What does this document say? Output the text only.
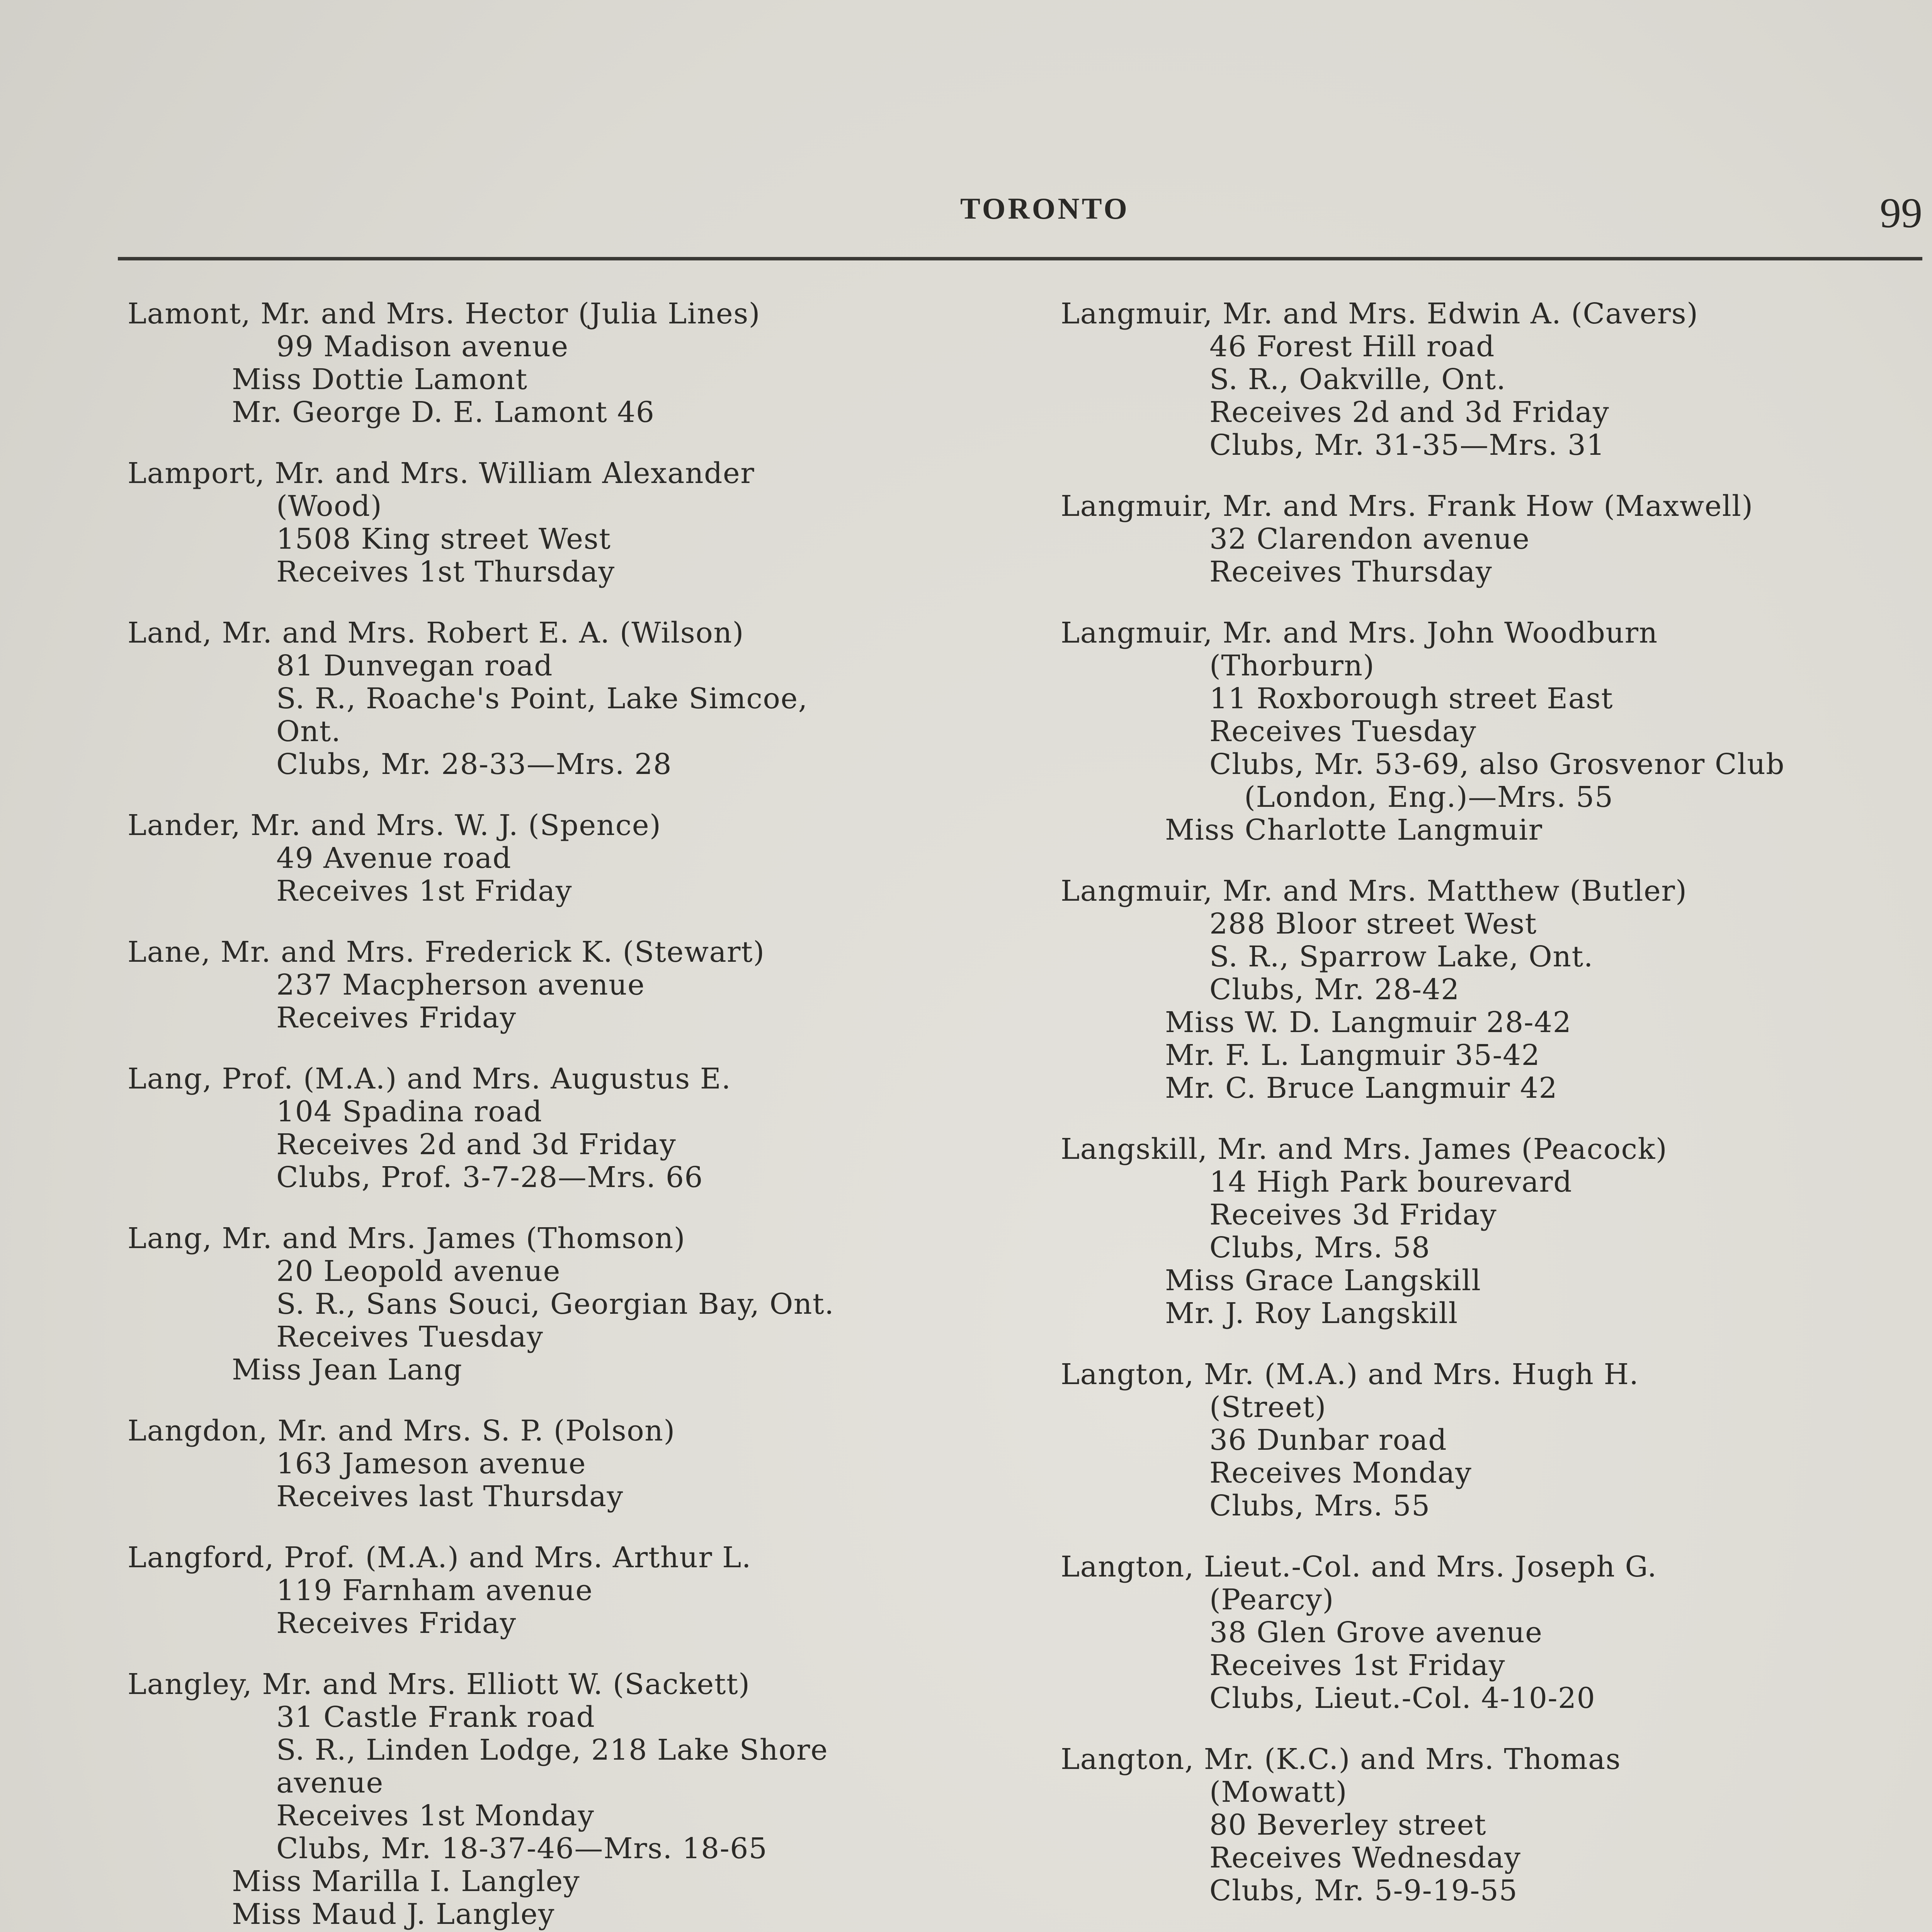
TORONTO	99
Lamont, Mr. and Mrs. Hector (Julia Lines)
99 Madison avenue
Miss Dottie Lamont
Mr. George D. E. Lamont 46
Lamport, Mr. and Mrs. William Alexander
(Wood)
1508 King street West
Receives 1st Thursday
Land, Mr. and Mrs. Robert E. A. (Wilson)
81 Dunvegan road
S. R., Roache's Point, Lake Simcoe,
Ont.
Clubs, Mr. 28-33—Mrs. 28
Lander, Mr. and Mrs. W. J. (Spence)
49 Avenue road
Receives 1st Friday
Lane, Mr. and Mrs. Frederick K. (Stewart)
237 Macpherson avenue
Receives Friday
Lang, Prof. (M.A.) and Mrs. Augustus E.
104 Spadina road
Receives 2d and 3d Friday
Clubs, Prof. 3-7-28—Mrs. 66
Lang, Mr. and Mrs. James (Thomson)
20 Leopold avenue
S. R., Sans Souci, Georgian Bay, Ont.
Receives Tuesday
Miss Jean Lang
Langdon, Mr. and Mrs. S. P. (Polson)
163 Jameson avenue
Receives last Thursday
Langford, Prof. (M.A.) and Mrs. Arthur L.
119 Farnham avenue
Receives Friday
Langley, Mr. and Mrs. Elliott W. (Sackett)
31 Castle Frank road
S. R., Linden Lodge, 218 Lake Shore
avenue
Receives 1st Monday
Clubs, Mr. 18-37-46—Mrs. 18-65
Miss Marilla I. Langley
Miss Maud J. Langley
Langmuir, Mr. and Mrs. Edwin A. (Cavers)
46 Forest Hill road
S. R., Oakville, Ont.
Receives 2d and 3d Friday
Clubs, Mr. 31-35—Mrs. 31
Langmuir, Mr. and Mrs. Frank How (Maxwell)
32 Clarendon avenue
Receives Thursday
Langmuir, Mr. and Mrs. John Woodburn
(Thorburn)
11 Roxborough street East
Receives Tuesday
Clubs, Mr. 53-69, also Grosvenor Club
(London, Eng.)—Mrs. 55
Miss Charlotte Langmuir
Langmuir, Mr. and Mrs. Matthew (Butler)
288 Bloor street West
S. R., Sparrow Lake, Ont.
Clubs, Mr. 28-42
Miss W. D. Langmuir 28-42
Mr. F. L. Langmuir 35-42
Mr. C. Bruce Langmuir 42
Langskill, Mr. and Mrs. James (Peacock)
14 High Park bourevard
Receives 3d Friday
Clubs, Mrs. 58
Miss Grace Langskill
Mr. J. Roy Langskill
Langton, Mr. (M.A.) and Mrs. Hugh H.
(Street)
36 Dunbar road
Receives Monday
Clubs, Mrs. 55
Langton, Lieut.-Col. and Mrs. Joseph G.
(Pearcy)
38 Glen Grove avenue
Receives 1st Friday
Clubs, Lieut.-Col. 4-10-20
Langton, Mr. (K.C.) and Mrs. Thomas
(Mowatt)
80 Beverley street
Receives Wednesday
Clubs, Mr. 5-9-19-55
